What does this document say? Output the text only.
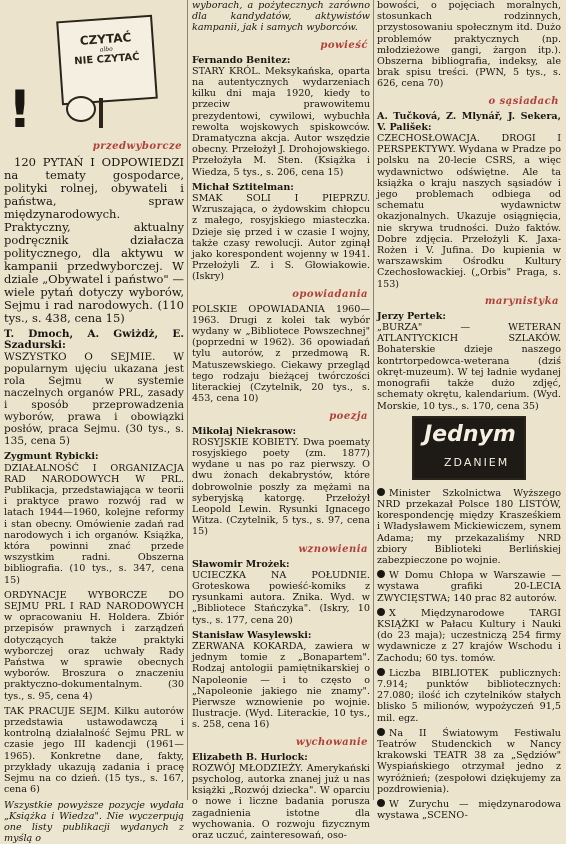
CZYTAĆ
albo
NIE CZYTAĆ
!
przedwyborcze

120 PYTAŃ I ODPOWIEDZI na tematy gospodarce, polityki rolnej, obywateli i państwa, spraw międzynarodowych. Praktyczny, aktualny podręcznik działacza politycznego, dla aktywu w kampanii przedwyborczej. W dziale „Obywatel i państwo" — wiele pytań dotyczy wyborów, Sejmu i rad narodowych. (110 tys., s. 438, cena 15)

T. Dmoch, A. Gwiżdż, E. Szadurski:

WSZYSTKO O SEJMIE. W popularnym ujęciu ukazana jest rola Sejmu w systemie naczelnych organów PRL, zasady i sposób przeprowadzenia wyborów, prawa i obowiązki posłów, praca Sejmu. (30 tys., s. 135, cena 5)

Zygmunt Rybicki:

DZIAŁALNOŚĆ I ORGANIZACJA RAD NARODOWYCH W PRL. Publikacja, przedstawiająca w teorii i praktyce prawo rozwój rad w latach 1944—1960, kolejne reformy i stan obecny. Omówienie zadań rad narodowych i ich organów. Książka, która powinni znać przede wszystkim radni. Obszerna bibliografia. (10 tys., s. 347, cena 15)

ORDYNACJE WYBORCZE DO SEJMU PRL I RAD NARODOWYCH w opracowaniu H. Holdera. Zbiór przepisów prawnych i zarządzeń dotyczących także praktyki wyborczej oraz uchwały Rady Państwa w sprawie obecnych wyborów. Broszura o znaczeniu praktyczno-dokumentalnym. (30 tys., s. 95, cena 4)

TAK PRACUJE SEJM. Kilku autorów przedstawia ustawodawczą i kontrolną działalność Sejmu PRL w czasie jego III kadencji (1961—1965). Konkretne dane, fakty, przykłady ukazują zadania i pracę Sejmu na co dzień. (15 tys., s. 167, cena 6)

Wszystkie powyższe pozycje wydała „Książka i Wiedza". Nie wyczerpują one listy publikacji wydanych z myślą o

wyborach, a pożytecznych zarówno dla kandydatów, aktywistów kampanii, jak i samych wyborców.

powieść

Fernando Benitez:

STARY KRÓL. Meksykańska, oparta na autentycznych wydarzeniach kilku dni maja 1920, kiedy to przeciw prawowitemu prezydentowi, cywilowi, wybuchła rewolta wojskowych spiskowców. Dramatyczna akcja. Autor wszędzie obecny. Przełożył J. Drohojowskiego. Przełożyła M. Sten. (Książka i Wiedza, 5 tys., s. 206, cena 15)

Michał Sztitelman:

SMAK SOLI I PIEPRZU. Wzruszająca, o żydowskim chłopcu z małego, rosyjskiego miasteczka. Dzieje się przed i w czasie I wojny, także czasy rewolucji. Autor zginął jako korespondent wojenny w 1941. Przełożyli Z. i S. Głowiakowie. (Iskry)

opowiadania

POLSKIE OPOWIADANIA 1960—1963. Drugi z kolei tak wybór wydany w „Bibliotece Powszechnej" (poprzedni w 1962). 36 opowiadań tylu autorów, z przedmową R. Matuszewskiego. Ciekawy przegląd tego rodzaju bieżącej twórczości literackiej (Czytelnik, 20 tys., s. 453, cena 10)

poezja

Mikołaj Niekrasow:

ROSYJSKIE KOBIETY. Dwa poematy rosyjskiego poety (zm. 1877) wydane u nas po raz pierwszy. O dwu żonach dekabrystów, które dobrowolnie poszły za mężami na syberyjską katorgę. Przełożył Leopold Lewin. Rysunki Ignacego Witza. (Czytelnik, 5 tys., s. 97, cena 15)

wznowienia

Sławomir Mrożek:

UCIECZKA NA POŁUDNIE. Groteskowa powieść-komiks z rysunkami autora. Znika. Wyd. w „Bibliotece Stańczyka". (Iskry, 10 tys., s. 177, cena 20)

Stanisław Wasylewski:

ZERWANA KOKARDA, zawiera w jednym tomie z „Bonapartem". Rodzaj antologii pamiętnikarskiej o Napoleonie — i to często o „Napoleonie jakiego nie znamy". Pierwsze wznowienie po wojnie. Ilustracje. (Wyd. Literackie, 10 tys., s. 258, cena 16)

wychowanie

Elizabeth B. Hurlock:

ROZWÓJ MŁODZIEŻY. Amerykański psycholog, autorka znanej już u nas książki „Rozwój dziecka". W oparciu o nowe i liczne badania porusza zagadnienia istotne dla wychowania. O rozwoju fizycznym oraz uczuć, zainteresowań, oso-

bowości, o pojęciach moralnych, stosunkach rodzinnych, przystosowaniu społecznym itd. Dużo problemów praktycznych (np. młodzieżowe gangi, żargon itp.). Obszerna bibliografia, indeksy, ale brak spisu treści. (PWN, 5 tys., s. 626, cena 70)

o sąsiadach

A. Tučková, Z. Mlynář, J. Sekera, V. Pališek:

CZECHOSŁOWACJA. DROGI I PERSPEKTYWY. Wydana w Pradze po polsku na 20-lecie CSRS, a więc wydawnictwo odświętne. Ale ta książka o kraju naszych sąsiadów i jego problemach odbiega od schematu wydawnictw okazjonalnych. Ukazuje osiągnięcia, nie skrywa trudności. Dużo faktów. Dobre zdjęcia. Przełożyli K. Jaxa-Rożen i V. Jufina. Do kupienia w warszawskim Ośrodku Kultury Czechosłowackiej. („Orbis" Praga, s. 153)

marynistyka

Jerzy Pertek:

„BURZA" — WETERAN ATLANTYCKICH SZLAKÓW. Bohaterskie dzieje naszego kontrtorpedowca-weterana (dziś okręt-muzeum). W tej ładnie wydanej monografii także dużo zdjęć, schematy okrętu, kalendarium. (Wyd. Morskie, 10 tys., s. 170, cena 35)

Jednym
ZDANIEM

Minister Szkolnictwa Wyższego NRD przekazał Polsce 180 LISTÓW, korespondencję między Krasześkiem i Władysławem Mickiewiczem, synem Adama; my przekazaliśmy NRD zbiory Biblioteki Berlińskiej zabezpieczone po wojnie.

W Domu Chłopa w Warszawie — wystawa grafiki 20-LECIA ZWYCIĘSTWA; 140 prac 82 autorów.

X Międzynarodowe TARGI KSIĄŻKI w Pałacu Kultury i Nauki (do 23 maja); uczestniczą 254 firmy wydawnicze z 27 krajów Wschodu i Zachodu; 60 tys. tomów.

Liczba BIBLIOTEK publicznych: 7.914; punktów bibliotecznych: 27.080; ilość ich czytelników stałych blisko 5 milionów, wypożyczeń 91,5 mil. egz.

Na II Światowym Festiwalu Teatrów Studenckich w Nancy krakowski TEATR 38 za „Sędziów" Wyspiańskiego otrzymał jedno z wyróżnień; (zespołowi dziękujemy za pozdrowienia).

W Zurychu — międzynarodowa wystawa „SCENO-
